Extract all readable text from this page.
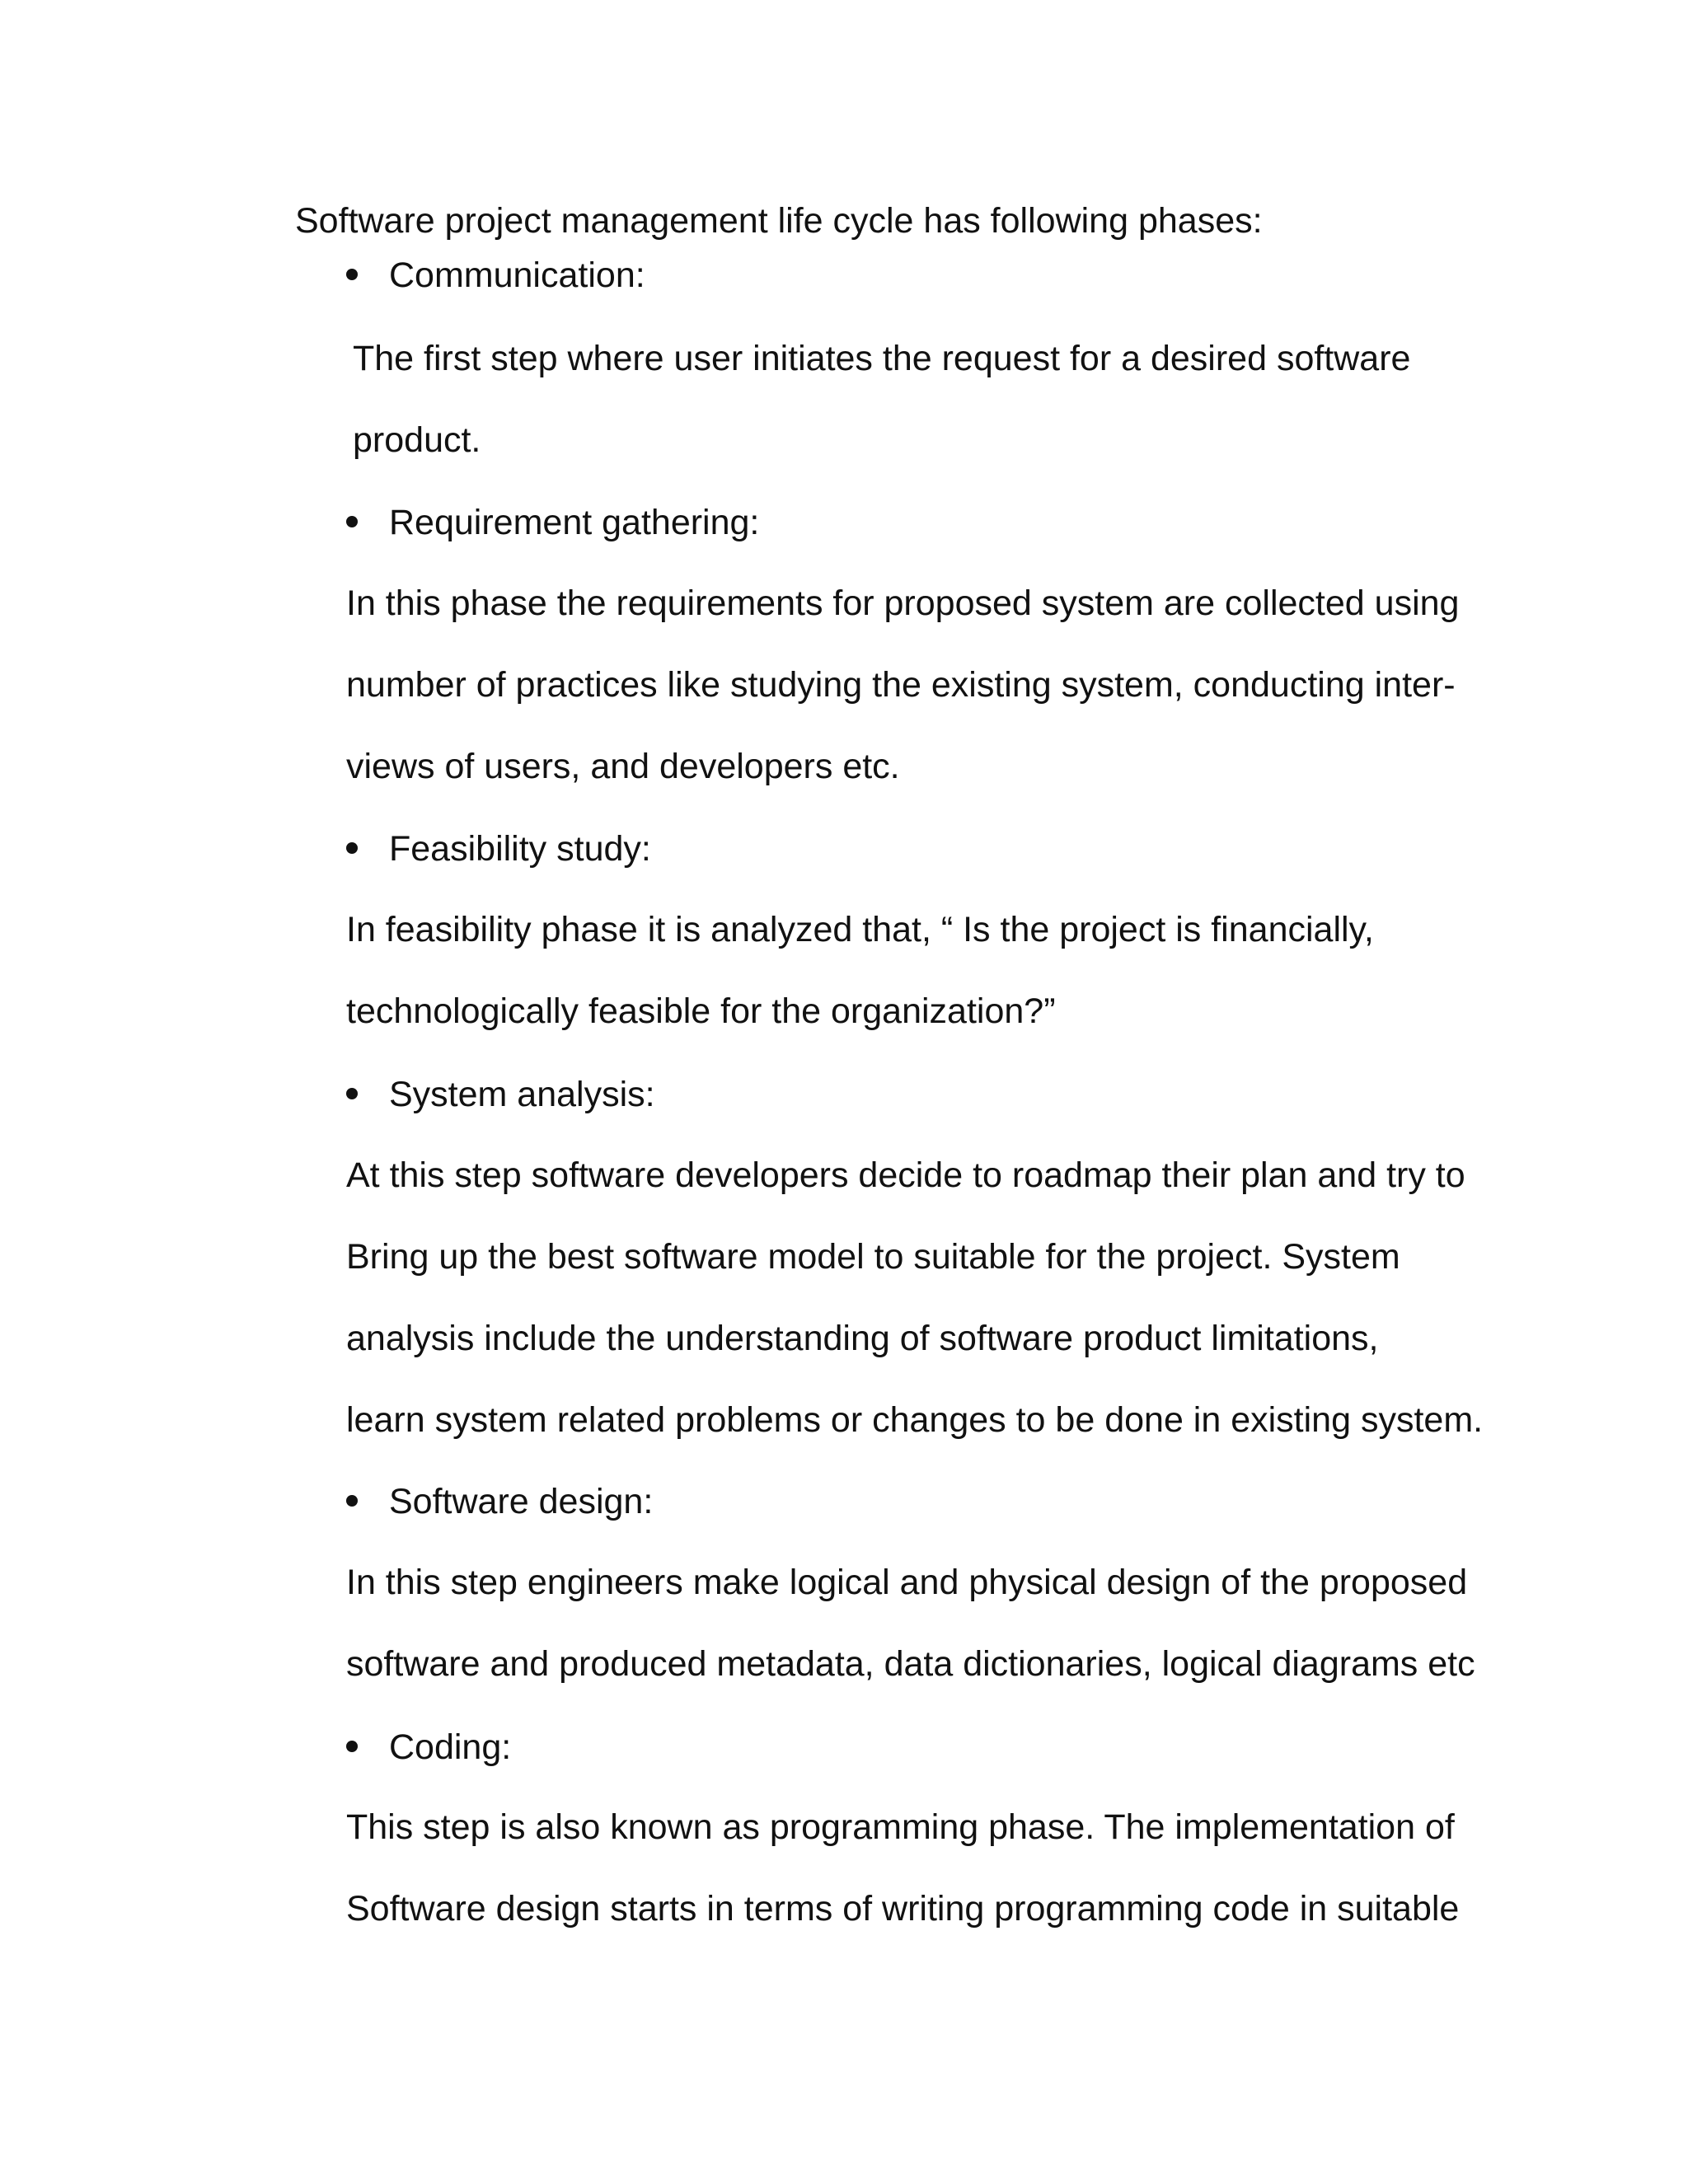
Software project management life cycle has following phases:
Communication:
The first step where user initiates the request for a desired software
product.
Requirement gathering:
In this phase the requirements for proposed system are collected using
number of practices like studying the existing system, conducting inter-
views of users, and developers etc.
Feasibility study:
In feasibility phase it is analyzed that, “ Is the project is financially,
technologically feasible for the organization?”
System analysis:
At this step software developers decide to roadmap their plan and try to
Bring up the best software model to suitable for the project. System
analysis include the understanding of software product limitations,
learn system related problems or changes to be done in existing system.
Software design:
In this step engineers make logical and physical design of the proposed
software and produced metadata, data dictionaries, logical diagrams etc
Coding:
This step is also known as programming phase. The implementation of
Software design starts in terms of writing programming code in suitable
